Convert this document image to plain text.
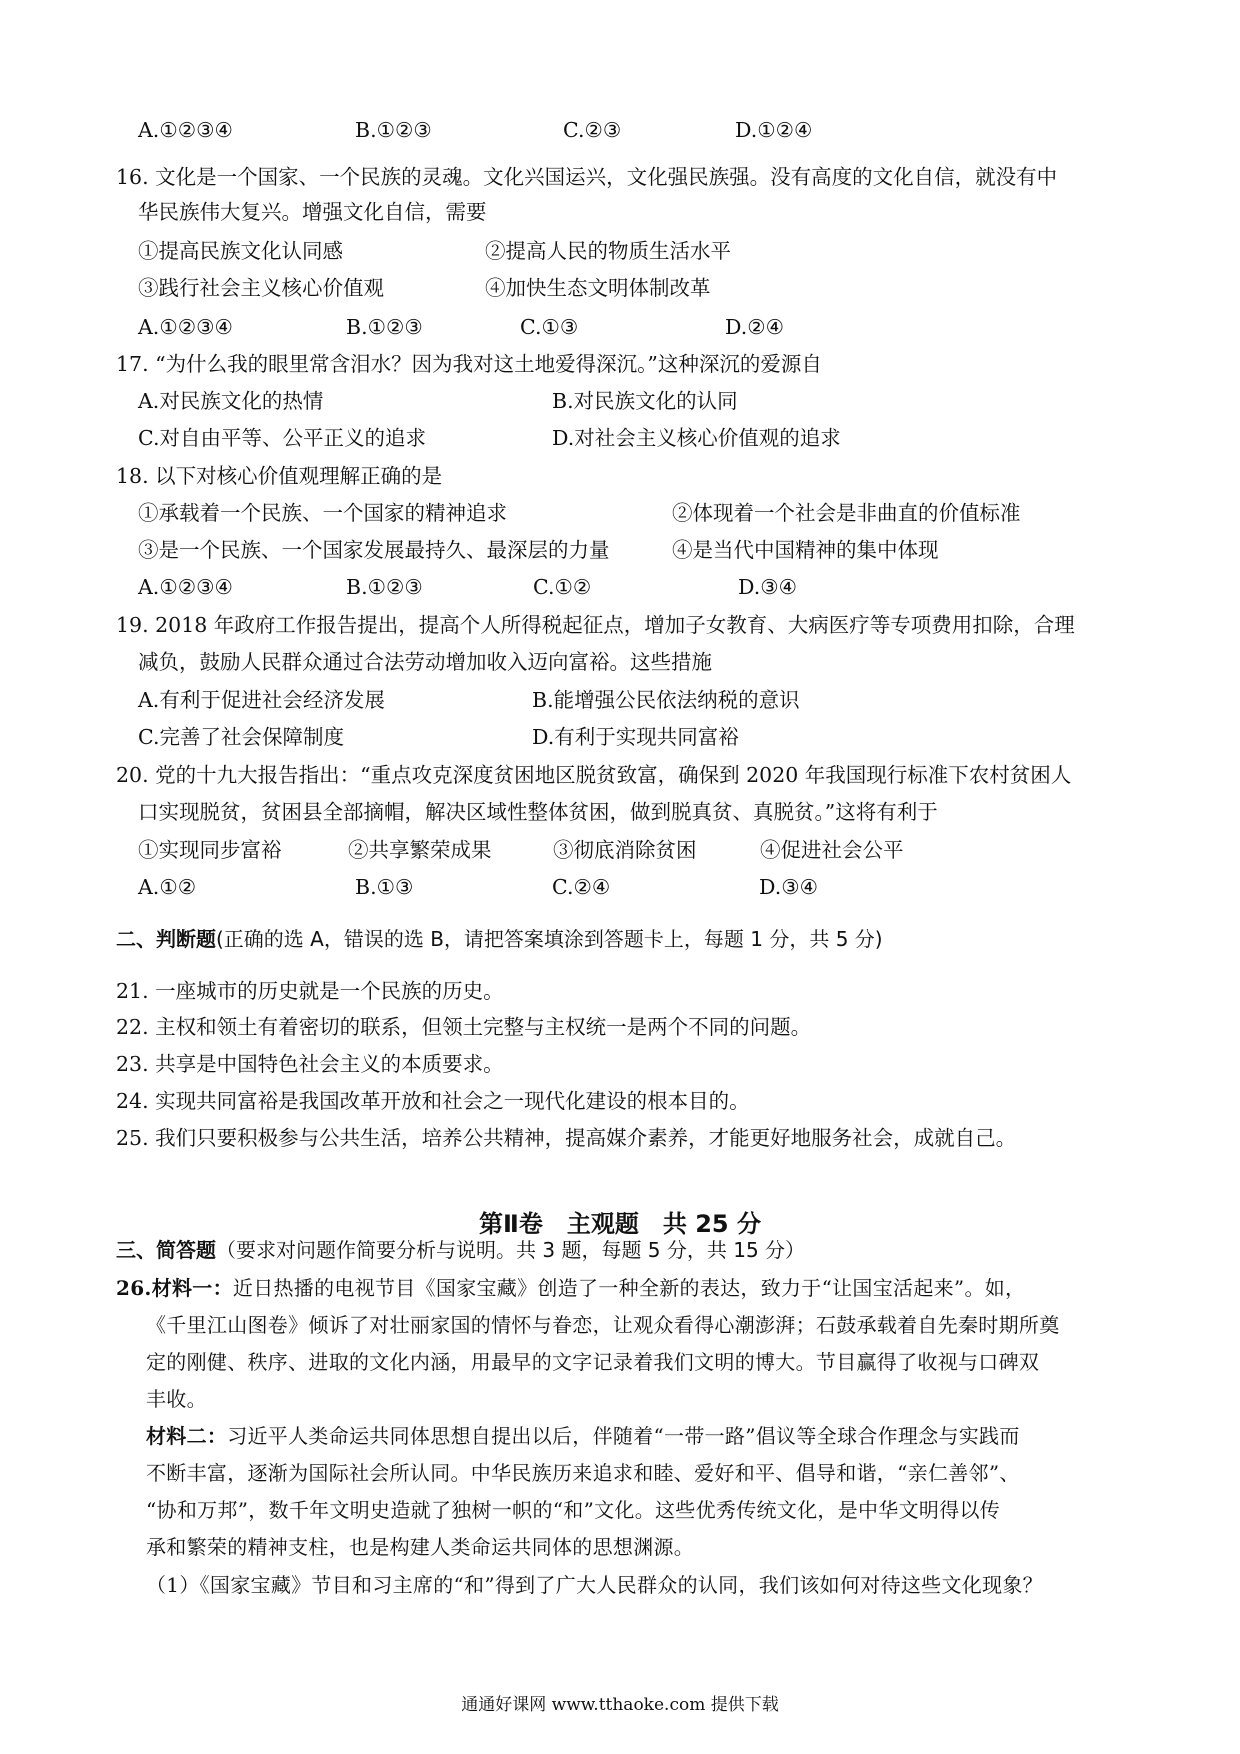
A.①②③④	B.①②③	C.②③	D.①②④
16. 文化是一个国家、一个民族的灵魂。文化兴国运兴，文化强民族强。没有高度的文化自信，就没有中
华民族伟大复兴。增强文化自信，需要
①提高民族文化认同感	②提高人民的物质生活水平
③践行社会主义核心价值观	④加快生态文明体制改革
A.①②③④	B.①②③	C.①③	D.②④
17. “为什么我的眼里常含泪水？因为我对这土地爱得深沉。”这种深沉的爱源自
A.对民族文化的热情	B.对民族文化的认同
C.对自由平等、公平正义的追求	D.对社会主义核心价值观的追求
18. 以下对核心价值观理解正确的是
①承载着一个民族、一个国家的精神追求	②体现着一个社会是非曲直的价值标准
③是一个民族、一个国家发展最持久、最深层的力量	④是当代中国精神的集中体现
A.①②③④	B.①②③	C.①②	D.③④
19. 2018 年政府工作报告提出，提高个人所得税起征点，增加子女教育、大病医疗等专项费用扣除，合理
减负，鼓励人民群众通过合法劳动增加收入迈向富裕。这些措施
A.有利于促进社会经济发展	B.能增强公民依法纳税的意识
C.完善了社会保障制度	D.有利于实现共同富裕
20. 党的十九大报告指出：“重点攻克深度贫困地区脱贫致富，确保到 2020 年我国现行标准下农村贫困人
口实现脱贫，贫困县全部摘帽，解决区域性整体贫困，做到脱真贫、真脱贫。”这将有利于
①实现同步富裕	②共享繁荣成果	③彻底消除贫困	④促进社会公平
A.①②	B.①③	C.②④	D.③④
二、判断题(正确的选 A，错误的选 B，请把答案填涂到答题卡上，每题 1 分，共 5 分)
21. 一座城市的历史就是一个民族的历史。
22. 主权和领土有着密切的联系，但领土完整与主权统一是两个不同的问题。
23. 共享是中国特色社会主义的本质要求。
24. 实现共同富裕是我国改革开放和社会之一现代化建设的根本目的。
25. 我们只要积极参与公共生活，培养公共精神，提高媒介素养，才能更好地服务社会，成就自己。
第Ⅱ卷　主观题　共 25 分
三、简答题（要求对问题作简要分析与说明。共 3 题，每题 5 分，共 15 分）
26.材料一：近日热播的电视节目《国家宝藏》创造了一种全新的表达，致力于“让国宝活起来”。如，
《千里江山图卷》倾诉了对壮丽家国的情怀与眷恋，让观众看得心潮澎湃；石鼓承载着自先秦时期所奠
定的刚健、秩序、进取的文化内涵，用最早的文字记录着我们文明的博大。节目赢得了收视与口碑双
丰收。
材料二：习近平人类命运共同体思想自提出以后，伴随着“一带一路”倡议等全球合作理念与实践而
不断丰富，逐渐为国际社会所认同。中华民族历来追求和睦、爱好和平、倡导和谐，“亲仁善邻”、
“协和万邦”，数千年文明史造就了独树一帜的“和”文化。这些优秀传统文化，是中华文明得以传
承和繁荣的精神支柱，也是构建人类命运共同体的思想渊源。
（1）《国家宝藏》节目和习主席的“和”得到了广大人民群众的认同，我们该如何对待这些文化现象？
通通好课网 www.tthaoke.com 提供下载
